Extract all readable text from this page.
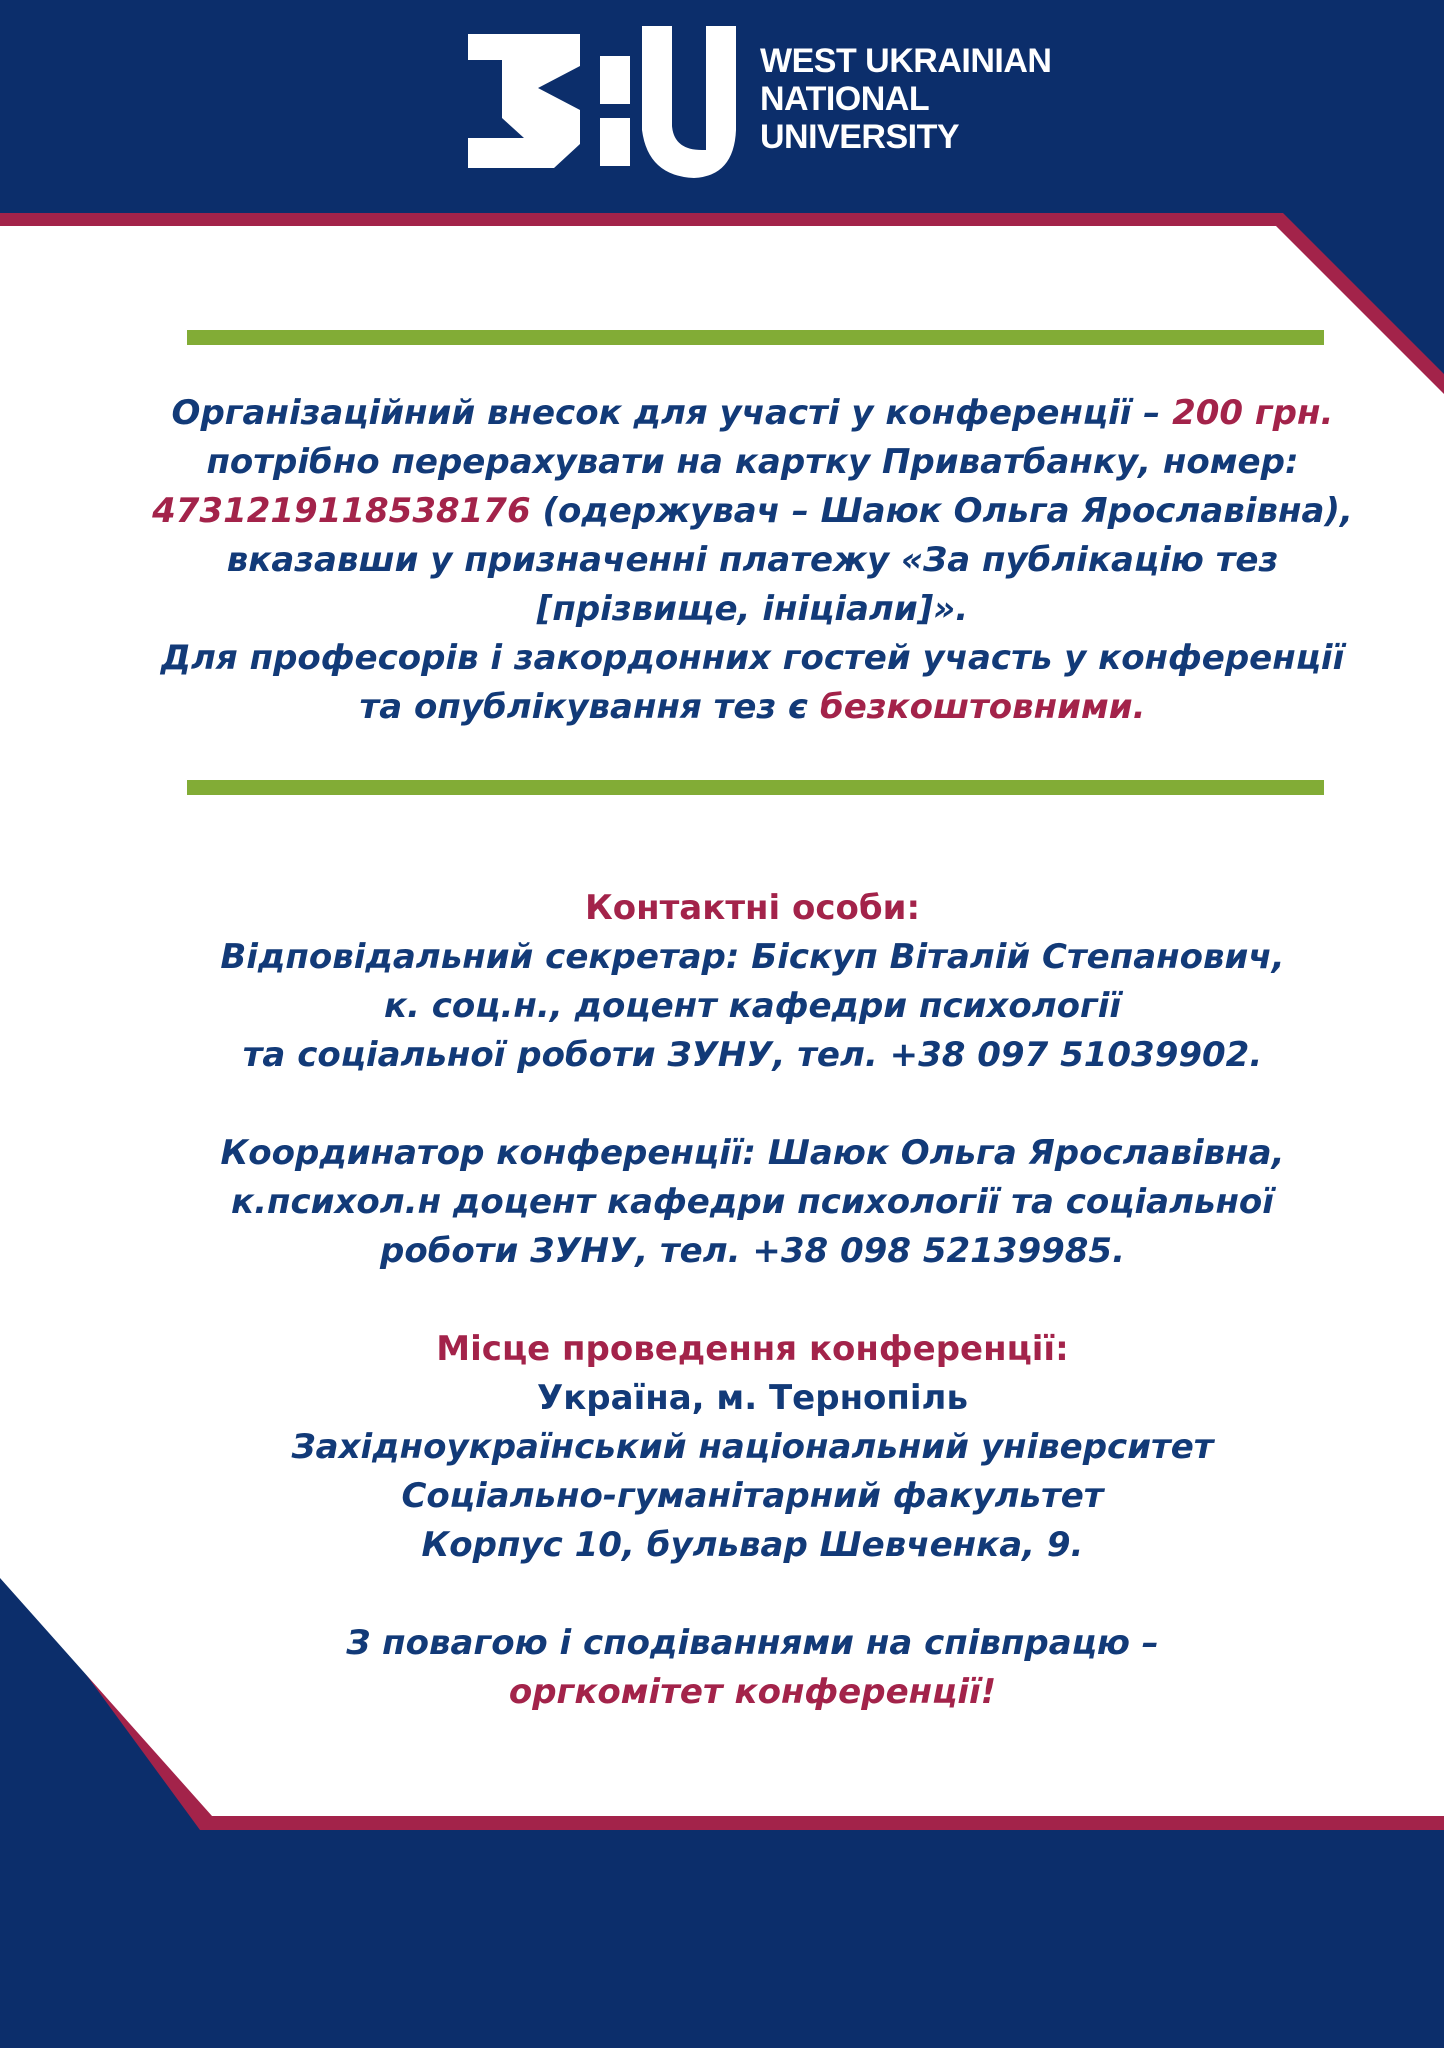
WEST UKRAINIAN
NATIONAL
UNIVERSITY

Організаційний внесок для участі у конференції – 200 грн.

потрібно перерахувати на картку Приватбанку, номер:

4731219118538176 (одержувач – Шаюк Ольга Ярославівна),

вказавши у призначенні платежу «За публікацію тез

[прізвище, ініціали]».

Для професорів і закордонних гостей участь у конференції

та опублікування тез є безкоштовними.

Контактні особи:

Відповідальний секретар: Біскуп Віталій Степанович,

к. соц.н., доцент кафедри психології

та соціальної роботи ЗУНУ, тел. +38 097 51039902.

Координатор конференції: Шаюк Ольга Ярославівна,

к.психол.н доцент кафедри психології та соціальної

роботи ЗУНУ, тел. +38 098 52139985.

Місце проведення конференції:

Україна, м. Тернопіль

Західноукраїнський національний університет

Соціально-гуманітарний факультет

Корпус 10, бульвар Шевченка, 9.

З повагою і сподіваннями на співпрацю –

оргкомітет конференції!
